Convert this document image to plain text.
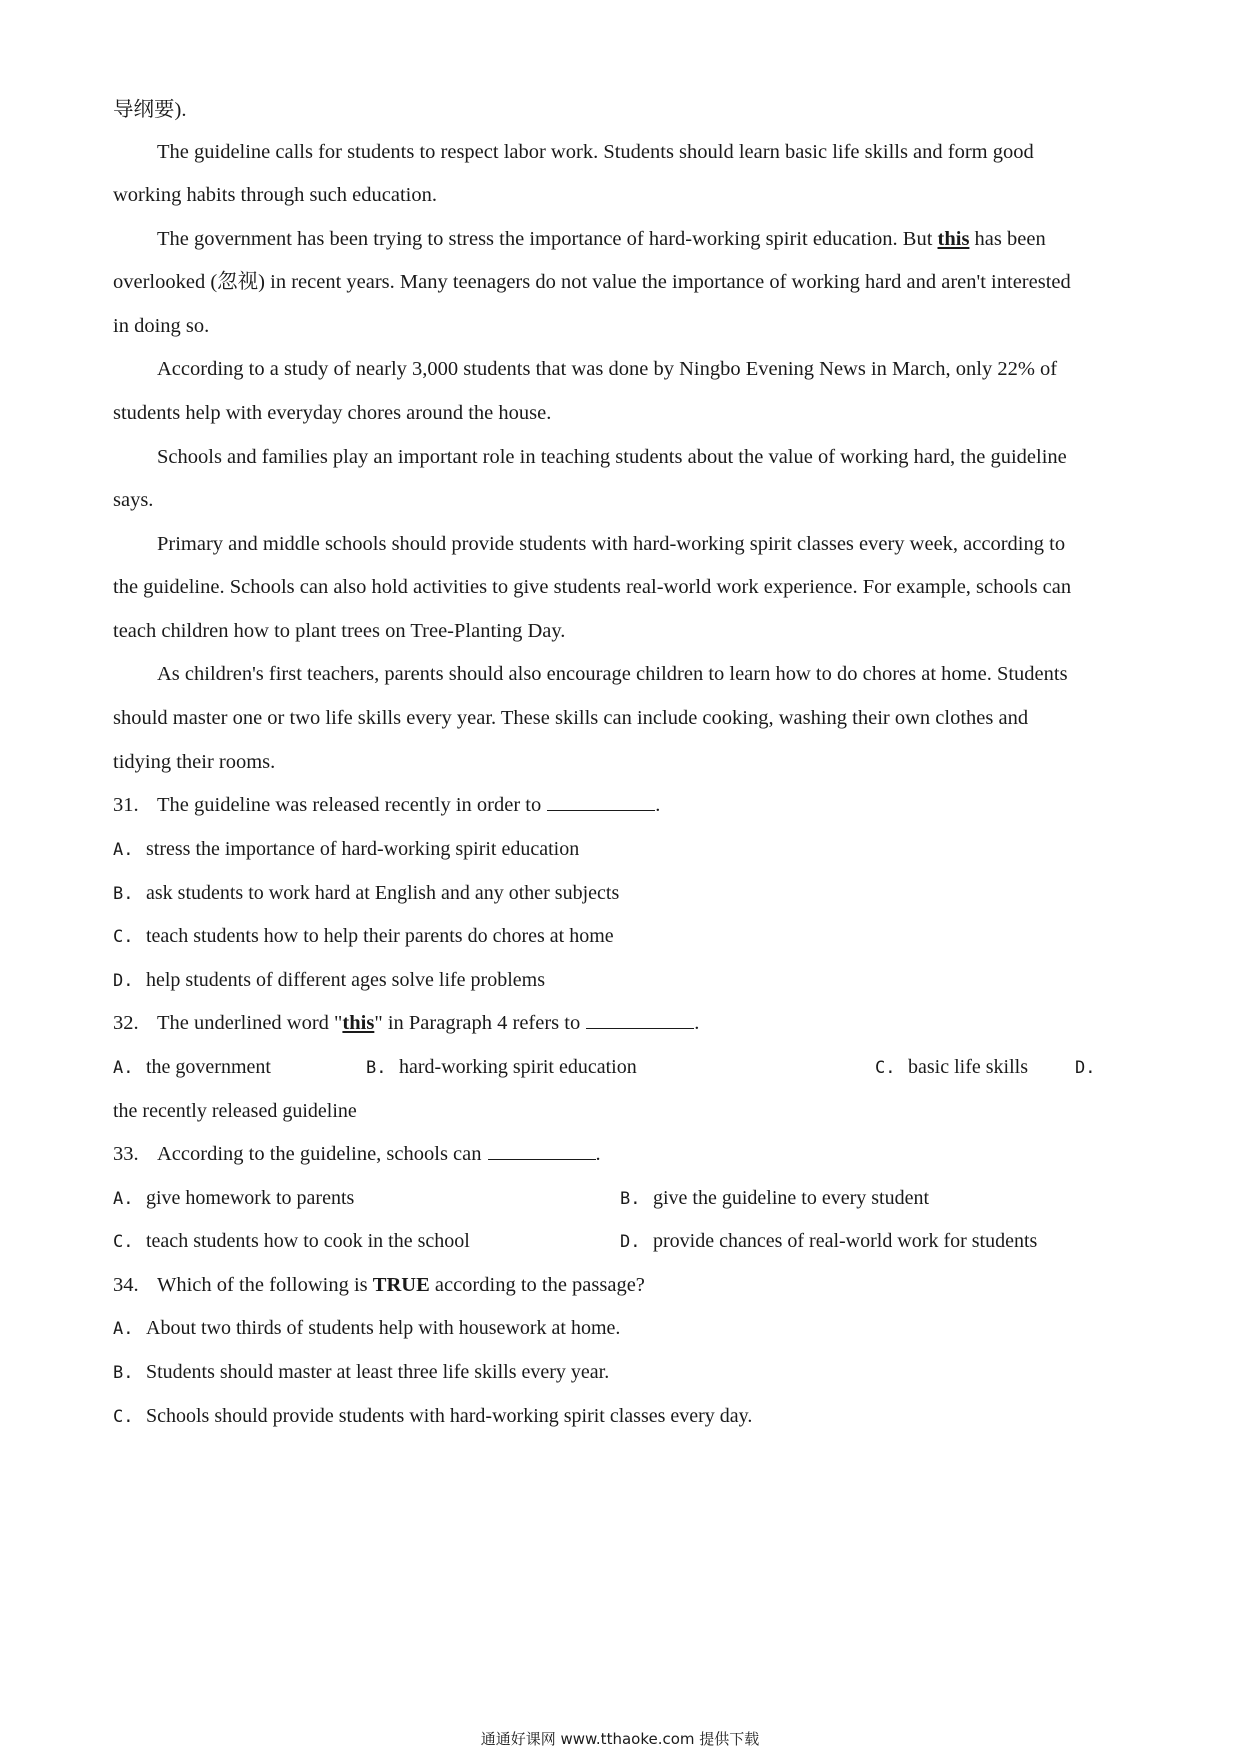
导纲要).
The guideline calls for students to respect labor work. Students should learn basic life skills and form good
working habits through such education.
The government has been trying to stress the importance of hard-working spirit education. But this has been
overlooked (忽视) in recent years. Many teenagers do not value the importance of working hard and aren't interested
in doing so.
According to a study of nearly 3,000 students that was done by Ningbo Evening News in March, only 22% of
students help with everyday chores around the house.
Schools and families play an important role in teaching students about the value of working hard, the guideline
says.
Primary and middle schools should provide students with hard-working spirit classes every week, according to
the guideline. Schools can also hold activities to give students real-world work experience. For example, schools can
teach children how to plant trees on Tree-Planting Day.
As children's first teachers, parents should also encourage children to learn how to do chores at home. Students
should master one or two life skills every year. These skills can include cooking, washing their own clothes and
tidying their rooms.
31. The guideline was released recently in order to	.
A. stress the importance of hard-working spirit education
B. ask students to work hard at English and any other subjects
C. teach students how to help their parents do chores at home
D. help students of different ages solve life problems
32. The underlined word "this" in Paragraph 4 refers to	.
A. the government	B. hard-working spirit education	C. basic life skills	D.
the recently released guideline
33. According to the guideline, schools can	.
A. give homework to parents	B. give the guideline to every student
C. teach students how to cook in the school	D. provide chances of real-world work for students
34. Which of the following is TRUE according to the passage?
A. About two thirds of students help with housework at home.
B. Students should master at least three life skills every year.
C. Schools should provide students with hard-working spirit classes every day.
通通好课网 www.tthaoke.com 提供下载
